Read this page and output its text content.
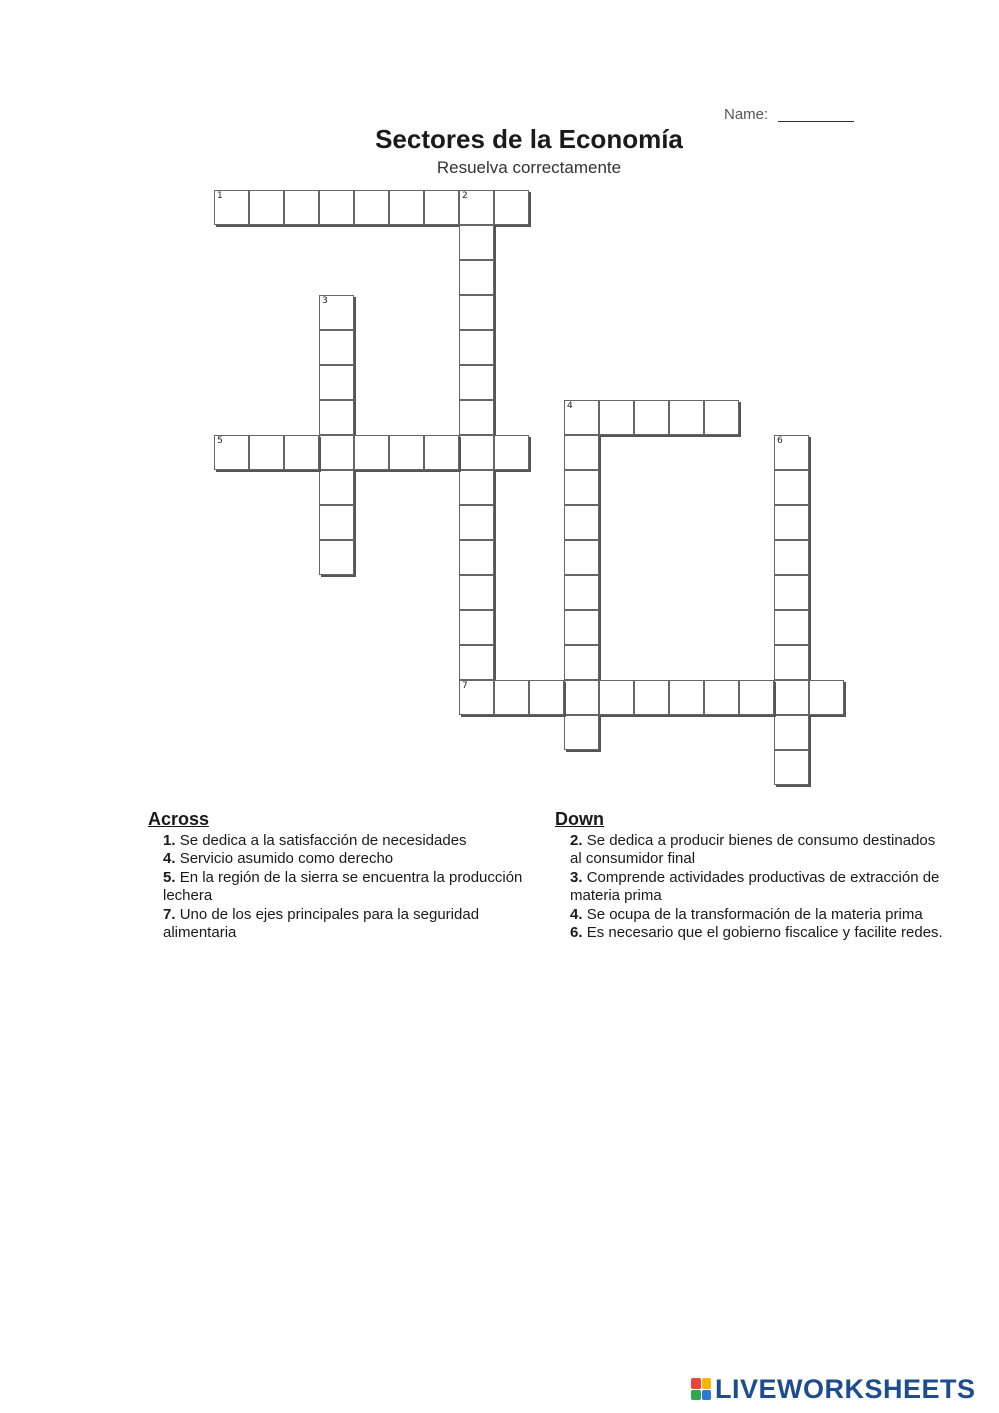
Name:
Sectores de la Economía
Resuelva correctamente
1	2
7
3
4
5	6
Across
1. Se dedica a la satisfacción de necesidades
4. Servicio asumido como derecho
5. En la región de la sierra se encuentra la producción lechera
7. Uno de los ejes principales para la seguridad alimentaria
Down
2. Se dedica a producir bienes de consumo destinados al consumidor final
3. Comprende actividades productivas de extracción de materia prima
4. Se ocupa de la transformación de la materia prima
6. Es necesario que el gobierno fiscalice y facilite redes.
LIVEWORKSHEETS
